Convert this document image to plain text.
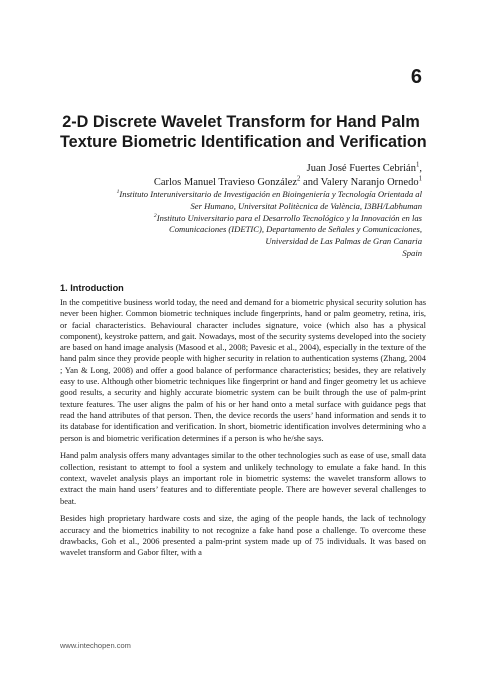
6
2-D Discrete Wavelet Transform for Hand Palm
Texture Biometric Identification and Verification
Juan José Fuertes Cebrián$^1$,
Carlos Manuel Travieso González$^2$ and Valery Naranjo Ornedo$^1$
$^1$Instituto Interuniversitario de Investigación en Bioingeniería y Tecnología Orientada al
Ser Humano, Universitat Politècnica de València, I3BH/Labhuman
$^2$Instituto Universitario para el Desarrollo Tecnológico y la Innovación en las
Comunicaciones (IDETIC), Departamento de Señales y Comunicaciones,
Universidad de Las Palmas de Gran Canaria
Spain
1. Introduction

In the competitive business world today, the need and demand for a biometric physical security solution has never been higher. Common biometric techniques include fingerprints, hand or palm geometry, retina, iris, or facial characteristics. Behavioural character includes signature, voice (which also has a physical component), keystroke pattern, and gait. Nowadays, most of the security systems developed into the society are based on hand image analysis (Masood et al., 2008; Pavesic et al., 2004), especially in the texture of the hand palm since they provide people with higher security in relation to authentication systems (Zhang, 2004 ; Yan & Long, 2008) and offer a good balance of performance characteristics; besides, they are relatively easy to use. Although other biometric techniques like fingerprint or hand and finger geometry let us achieve good results, a security and highly accurate biometric system can be built through the use of palm-print texture features. The user aligns the palm of his or her hand onto a metal surface with guidance pegs that read the hand attributes of that person. Then, the device records the users’ hand information and sends it to its database for identification and verification. In short, biometric identification involves determining who a person is and biometric verification determines if a person is who he/she says.

Hand palm analysis offers many advantages similar to the other technologies such as ease of use, small data collection, resistant to attempt to fool a system and unlikely technology to emulate a fake hand. In this context, wavelet analysis plays an important role in biometric systems: the wavelet transform allows to extract the main hand users’ features and to differentiate people. There are however several challenges to beat.

Besides high proprietary hardware costs and size, the aging of the people hands, the lack of technology accuracy and the biometrics inability to not recognize a fake hand pose a challenge. To overcome these drawbacks, Goh et al., 2006 presented a palm-print system made up of 75 individuals. It was based on wavelet transform and Gabor filter, with a

www.intechopen.com
